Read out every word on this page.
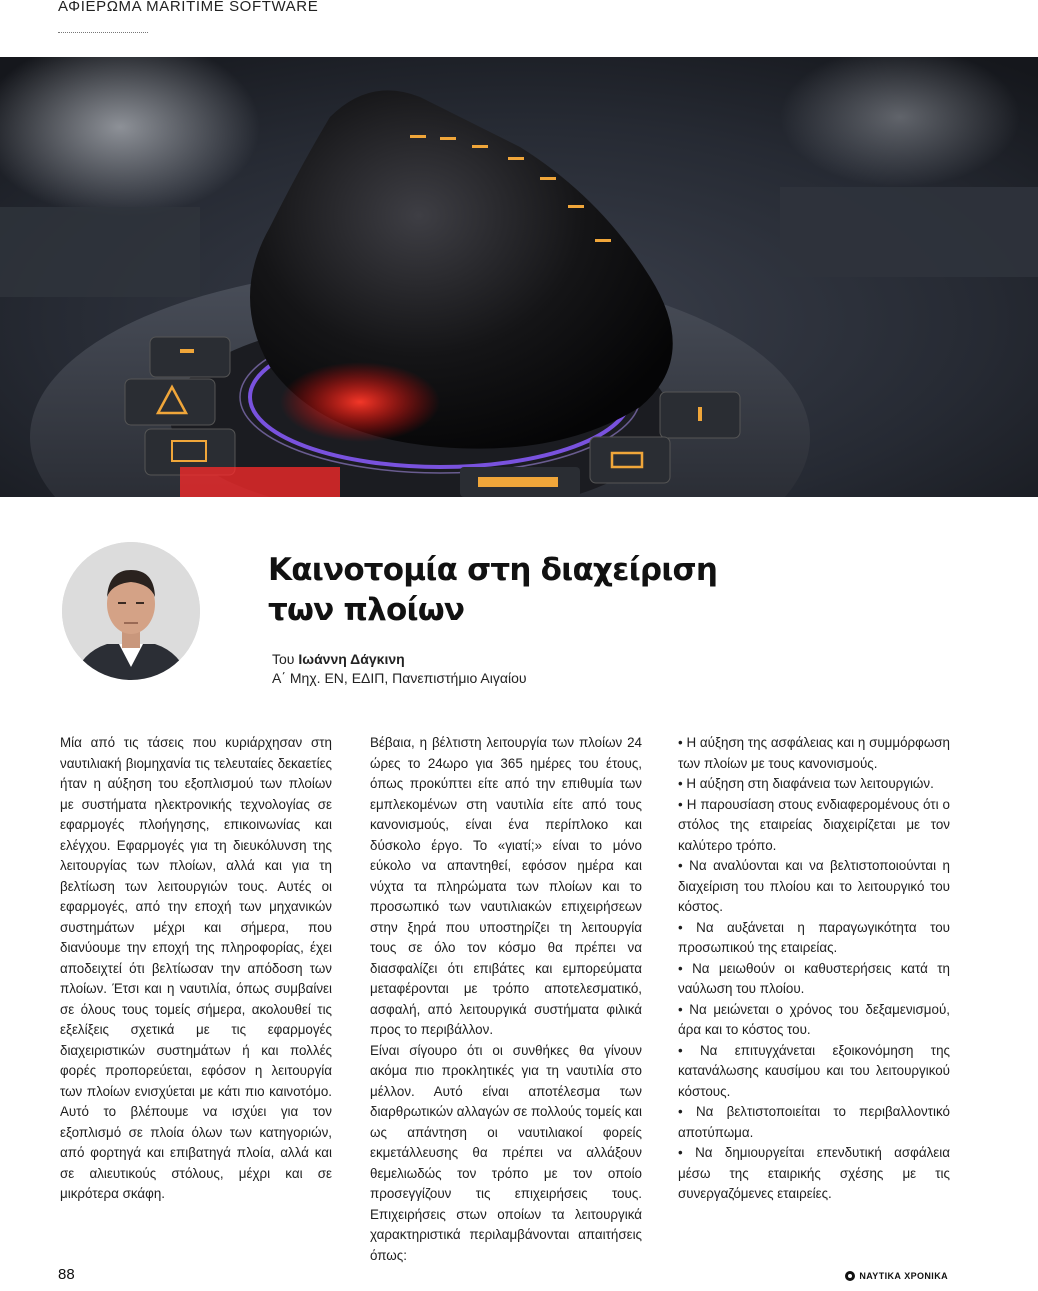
ΑΦΙΕΡΩΜΑ MARITIME SOFTWARE
Καινοτομία στη διαχείριση των πλοίων
Του Ιωάννη Δάγκινη
Α΄ Μηχ. ΕΝ, ΕΔΙΠ, Πανεπιστήμιο Αιγαίου

Μία από τις τάσεις που κυριάρχησαν στη ναυτιλιακή βιομηχανία τις τελευταίες δεκαετίες ήταν η αύξηση του εξοπλισμού των πλοίων με συστήματα ηλεκτρονικής τεχνολογίας σε εφαρμογές πλοήγησης, επικοινωνίας και ελέγχου. Εφαρμογές για τη διευκόλυνση της λειτουργίας των πλοίων, αλλά και για τη βελτίωση των λειτουργιών τους. Αυτές οι εφαρμογές, από την εποχή των μηχανικών συστημάτων μέχρι και σήμερα, που διανύουμε την εποχή της πληροφορίας, έχει αποδειχτεί ότι βελτίωσαν την απόδοση των πλοίων. Έτσι και η ναυτιλία, όπως συμβαίνει σε όλους τους τομείς σήμερα, ακολουθεί τις εξελίξεις σχετικά με τις εφαρμογές διαχειριστικών συστημάτων ή και πολλές φορές προπορεύεται, εφόσον η λειτουργία των πλοίων ενισχύεται με κάτι πιο καινοτόμο. Αυτό το βλέπουμε να ισχύει για τον εξοπλισμό σε πλοία όλων των κατηγοριών, από φορτηγά και επιβατηγά πλοία, αλλά και σε αλιευτικούς στόλους, μέχρι και σε μικρότερα σκάφη.

Βέβαια, η βέλτιστη λειτουργία των πλοίων 24 ώρες το 24ωρο για 365 ημέρες του έτους, όπως προκύπτει είτε από την επιθυμία των εμπλεκομένων στη ναυτιλία είτε από τους κανονισμούς, είναι ένα περίπλοκο και δύσκολο έργο. Το «γιατί;» είναι το μόνο εύκολο να απαντηθεί, εφόσον ημέρα και νύχτα τα πληρώματα των πλοίων και το προσωπικό των ναυτιλιακών επιχειρήσεων στην ξηρά που υποστηρίζει τη λειτουργία τους σε όλο τον κόσμο θα πρέπει να διασφαλίζει ότι επιβάτες και εμπορεύματα μεταφέρονται με τρόπο αποτελεσματικό, ασφαλή, από λειτουργικά συστήματα φιλικά προς το περιβάλλον.

Είναι σίγουρο ότι οι συνθήκες θα γίνουν ακόμα πιο προκλητικές για τη ναυτιλία στο μέλλον. Αυτό είναι αποτέλεσμα των διαρθρωτικών αλλαγών σε πολλούς τομείς και ως απάντηση οι ναυτιλιακοί φορείς εκμετάλλευσης θα πρέπει να αλλάξουν θεμελιωδώς τον τρόπο με τον οποίο προσεγγίζουν τις επιχειρήσεις τους. Επιχειρήσεις στων οποίων τα λειτουργικά χαρακτηριστικά περιλαμβάνονται απαιτήσεις όπως:

• Η αύξηση της ασφάλειας και η συμμόρφωση των πλοίων με τους κανονισμούς.

• Η αύξηση στη διαφάνεια των λειτουργιών.

• Η παρουσίαση στους ενδιαφερομένους ότι ο στόλος της εταιρείας διαχειρίζεται με τον καλύτερο τρόπο.

• Να αναλύονται και να βελτιστοποιούνται η διαχείριση του πλοίου και το λειτουργικό του κόστος.

• Να αυξάνεται η παραγωγικότητα του προσωπικού της εταιρείας.

• Να μειωθούν οι καθυστερήσεις κατά τη ναύλωση του πλοίου.

• Να μειώνεται ο χρόνος του δεξαμενισμού, άρα και το κόστος του.

• Να επιτυγχάνεται εξοικονόμηση της κατανάλωσης καυσίμου και του λειτουργικού κόστους.

• Να βελτιστοποιείται το περιβαλλοντικό αποτύπωμα.

• Να δημιουργείται επενδυτική ασφάλεια μέσω της εταιρικής σχέσης με τις συνεργαζόμενες εταιρείες.

88	ΝΑΥΤΙΚΑ ΧΡΟΝΙΚΑ
